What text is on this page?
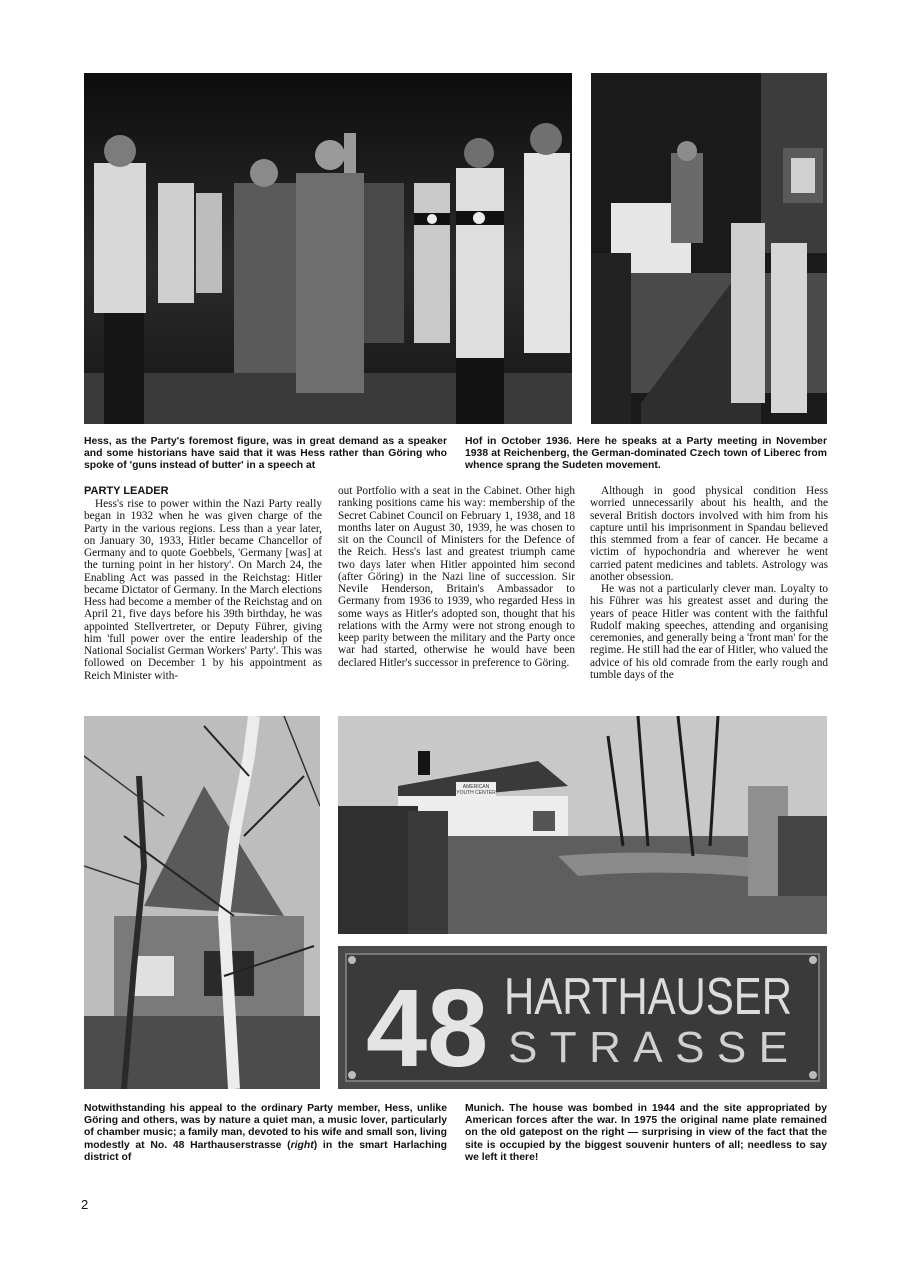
Hess, as the Party's foremost figure, was in great demand as a speaker and some historians have said that it was Hess rather than Göring who spoke of 'guns instead of butter' in a speech at

Hof in October 1936. Here he speaks at a Party meeting in November 1938 at Reichenberg, the German-dominated Czech town of Liberec from whence sprang the Sudeten movement.

PARTY LEADER

Hess's rise to power within the Nazi Party really began in 1932 when he was given charge of the Party in the various regions. Less than a year later, on January 30, 1933, Hitler became Chancellor of Germany and to quote Goebbels, 'Germany [was] at the turning point in her history'. On March 24, the Enabling Act was passed in the Reichstag: Hitler became Dictator of Germany. In the March elections Hess had become a member of the Reichstag and on April 21, five days before his 39th birthday, he was appointed Stellvertreter, or Deputy Führer, giving him 'full power over the entire leadership of the National Socialist German Workers' Party'. This was followed on December 1 by his appointment as Reich Minister with-

out Portfolio with a seat in the Cabinet. Other high ranking positions came his way: membership of the Secret Cabinet Council on February 1, 1938, and 18 months later on August 30, 1939, he was chosen to sit on the Council of Ministers for the Defence of the Reich. Hess's last and greatest triumph came two days later when Hitler appointed him second (after Göring) in the Nazi line of succession. Sir Nevile Henderson, Britain's Ambassador to Germany from 1936 to 1939, who regarded Hess in some ways as Hitler's adopted son, thought that his relations with the Army were not strong enough to keep parity between the military and the Party once war had started, otherwise he would have been declared Hitler's successor in preference to Göring.

Although in good physical condition Hess worried unnecessarily about his health, and the several British doctors involved with him from his capture until his imprisonment in Spandau believed this stemmed from a fear of cancer. He became a victim of hypochondria and wherever he went carried patent medicines and tablets. Astrology was another obsession.

He was not a particularly clever man. Loyalty to his Führer was his greatest asset and during the years of peace Hitler was content with the faithful Rudolf making speeches, attending and organising ceremonies, and generally being a 'front man' for the regime. He still had the ear of Hitler, who valued the advice of his old comrade from the early rough and tumble days of the

AMERICAN
YOUTH CENTER
48 HARTHAUSER
STRASSE

Notwithstanding his appeal to the ordinary Party member, Hess, unlike Göring and others, was by nature a quiet man, a music lover, particularly of chamber music; a family man, devoted to his wife and small son, living modestly at No. 48 Harthauserstrasse (right) in the smart Harlaching district of

Munich. The house was bombed in 1944 and the site appropriated by American forces after the war. In 1975 the original name plate remained on the old gatepost on the right — surprising in view of the fact that the site is occupied by the biggest souvenir hunters of all; needless to say we left it there!

2
